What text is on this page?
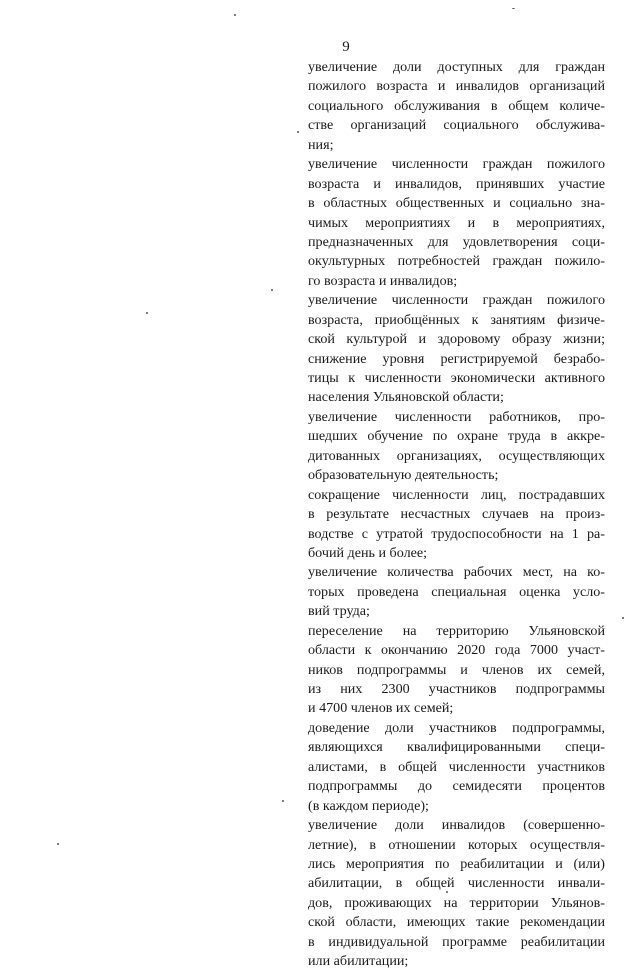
9
увеличение доли доступных для граждан
пожилого возраста и инвалидов организаций
социального обслуживания в общем количе-
стве организаций социального обслужива-
ния;
увеличение численности граждан пожилого
возраста и инвалидов, принявших участие
в областных общественных и социально зна-
чимых мероприятиях и в мероприятиях,
предназначенных для удовлетворения соци-
окультурных потребностей граждан пожило-
го возраста и инвалидов;
увеличение численности граждан пожилого
возраста, приобщённых к занятиям физиче-
ской культурой и здоровому образу жизни;
снижение уровня регистрируемой безрабо-
тицы к численности экономически активного
населения Ульяновской области;
увеличение численности работников, про-
шедших обучение по охране труда в аккре-
дитованных организациях, осуществляющих
образовательную деятельность;
сокращение численности лиц, пострадавших
в результате несчастных случаев на произ-
водстве с утратой трудоспособности на 1 ра-
бочий день и более;
увеличение количества рабочих мест, на ко-
торых проведена специальная оценка усло-
вий труда;
переселение на территорию Ульяновской
области к окончанию 2020 года 7000 участ-
ников подпрограммы и членов их семей,
из них 2300 участников подпрограммы
и 4700 членов их семей;
доведение доли участников подпрограммы,
являющихся квалифицированными специ-
алистами, в общей численности участников
подпрограммы до семидесяти процентов
(в каждом периоде);
увеличение доли инвалидов (совершенно-
летние), в отношении которых осуществля-
лись мероприятия по реабилитации и (или)
абилитации, в общей численности инвали-
дов, проживающих на территории Ульянов-
ской области, имеющих такие рекомендации
в индивидуальной программе реабилитации
или абилитации;
